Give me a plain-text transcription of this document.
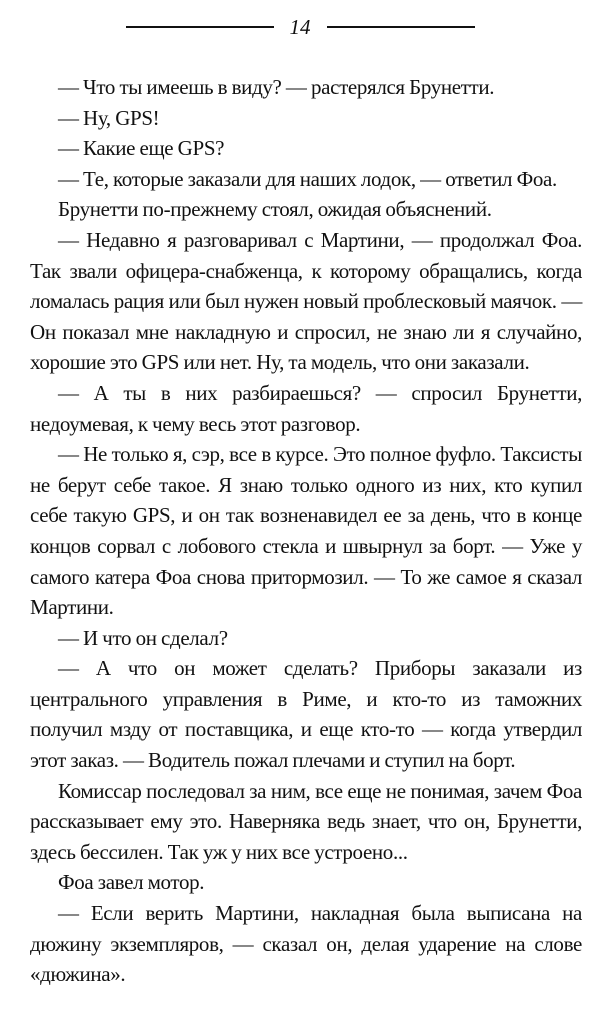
14

— Что ты имеешь в виду? — растерялся Брунетти.

— Ну, GPS!

— Какие еще GPS?

— Те, которые заказали для наших лодок, — ответил Фоа.

Брунетти по-прежнему стоял, ожидая объяснений.

— Недавно я разговаривал с Мартини, — продолжал Фоа. Так звали офицера-снабженца, к которому обращались, когда ломалась рация или был нужен новый проблесковый маячок. — Он показал мне накладную и спросил, не знаю ли я случайно, хорошие это GPS или нет. Ну, та модель, что они заказали.

— А ты в них разбираешься? — спросил Брунетти, недоумевая, к чему весь этот разговор.

— Не только я, сэр, все в курсе. Это полное фуфло. Таксисты не берут себе такое. Я знаю только одного из них, кто купил себе такую GPS, и он так возненавидел ее за день, что в конце концов сорвал с лобового стекла и швырнул за борт. — Уже у самого катера Фоа снова притормозил. — То же самое я сказал Мартини.

— И что он сделал?

— А что он может сделать? Приборы заказали из центрального управления в Риме, и кто-то из таможних получил мзду от поставщика, и еще кто-то — когда утвердил этот заказ. — Водитель пожал плечами и ступил на борт.

Комиссар последовал за ним, все еще не понимая, зачем Фоа рассказывает ему это. Наверняка ведь знает, что он, Брунетти, здесь бессилен. Так уж у них все устроено...

Фоа завел мотор.

— Если верить Мартини, накладная была выписана на дюжину экземпляров, — сказал он, делая ударение на слове «дюжина».
